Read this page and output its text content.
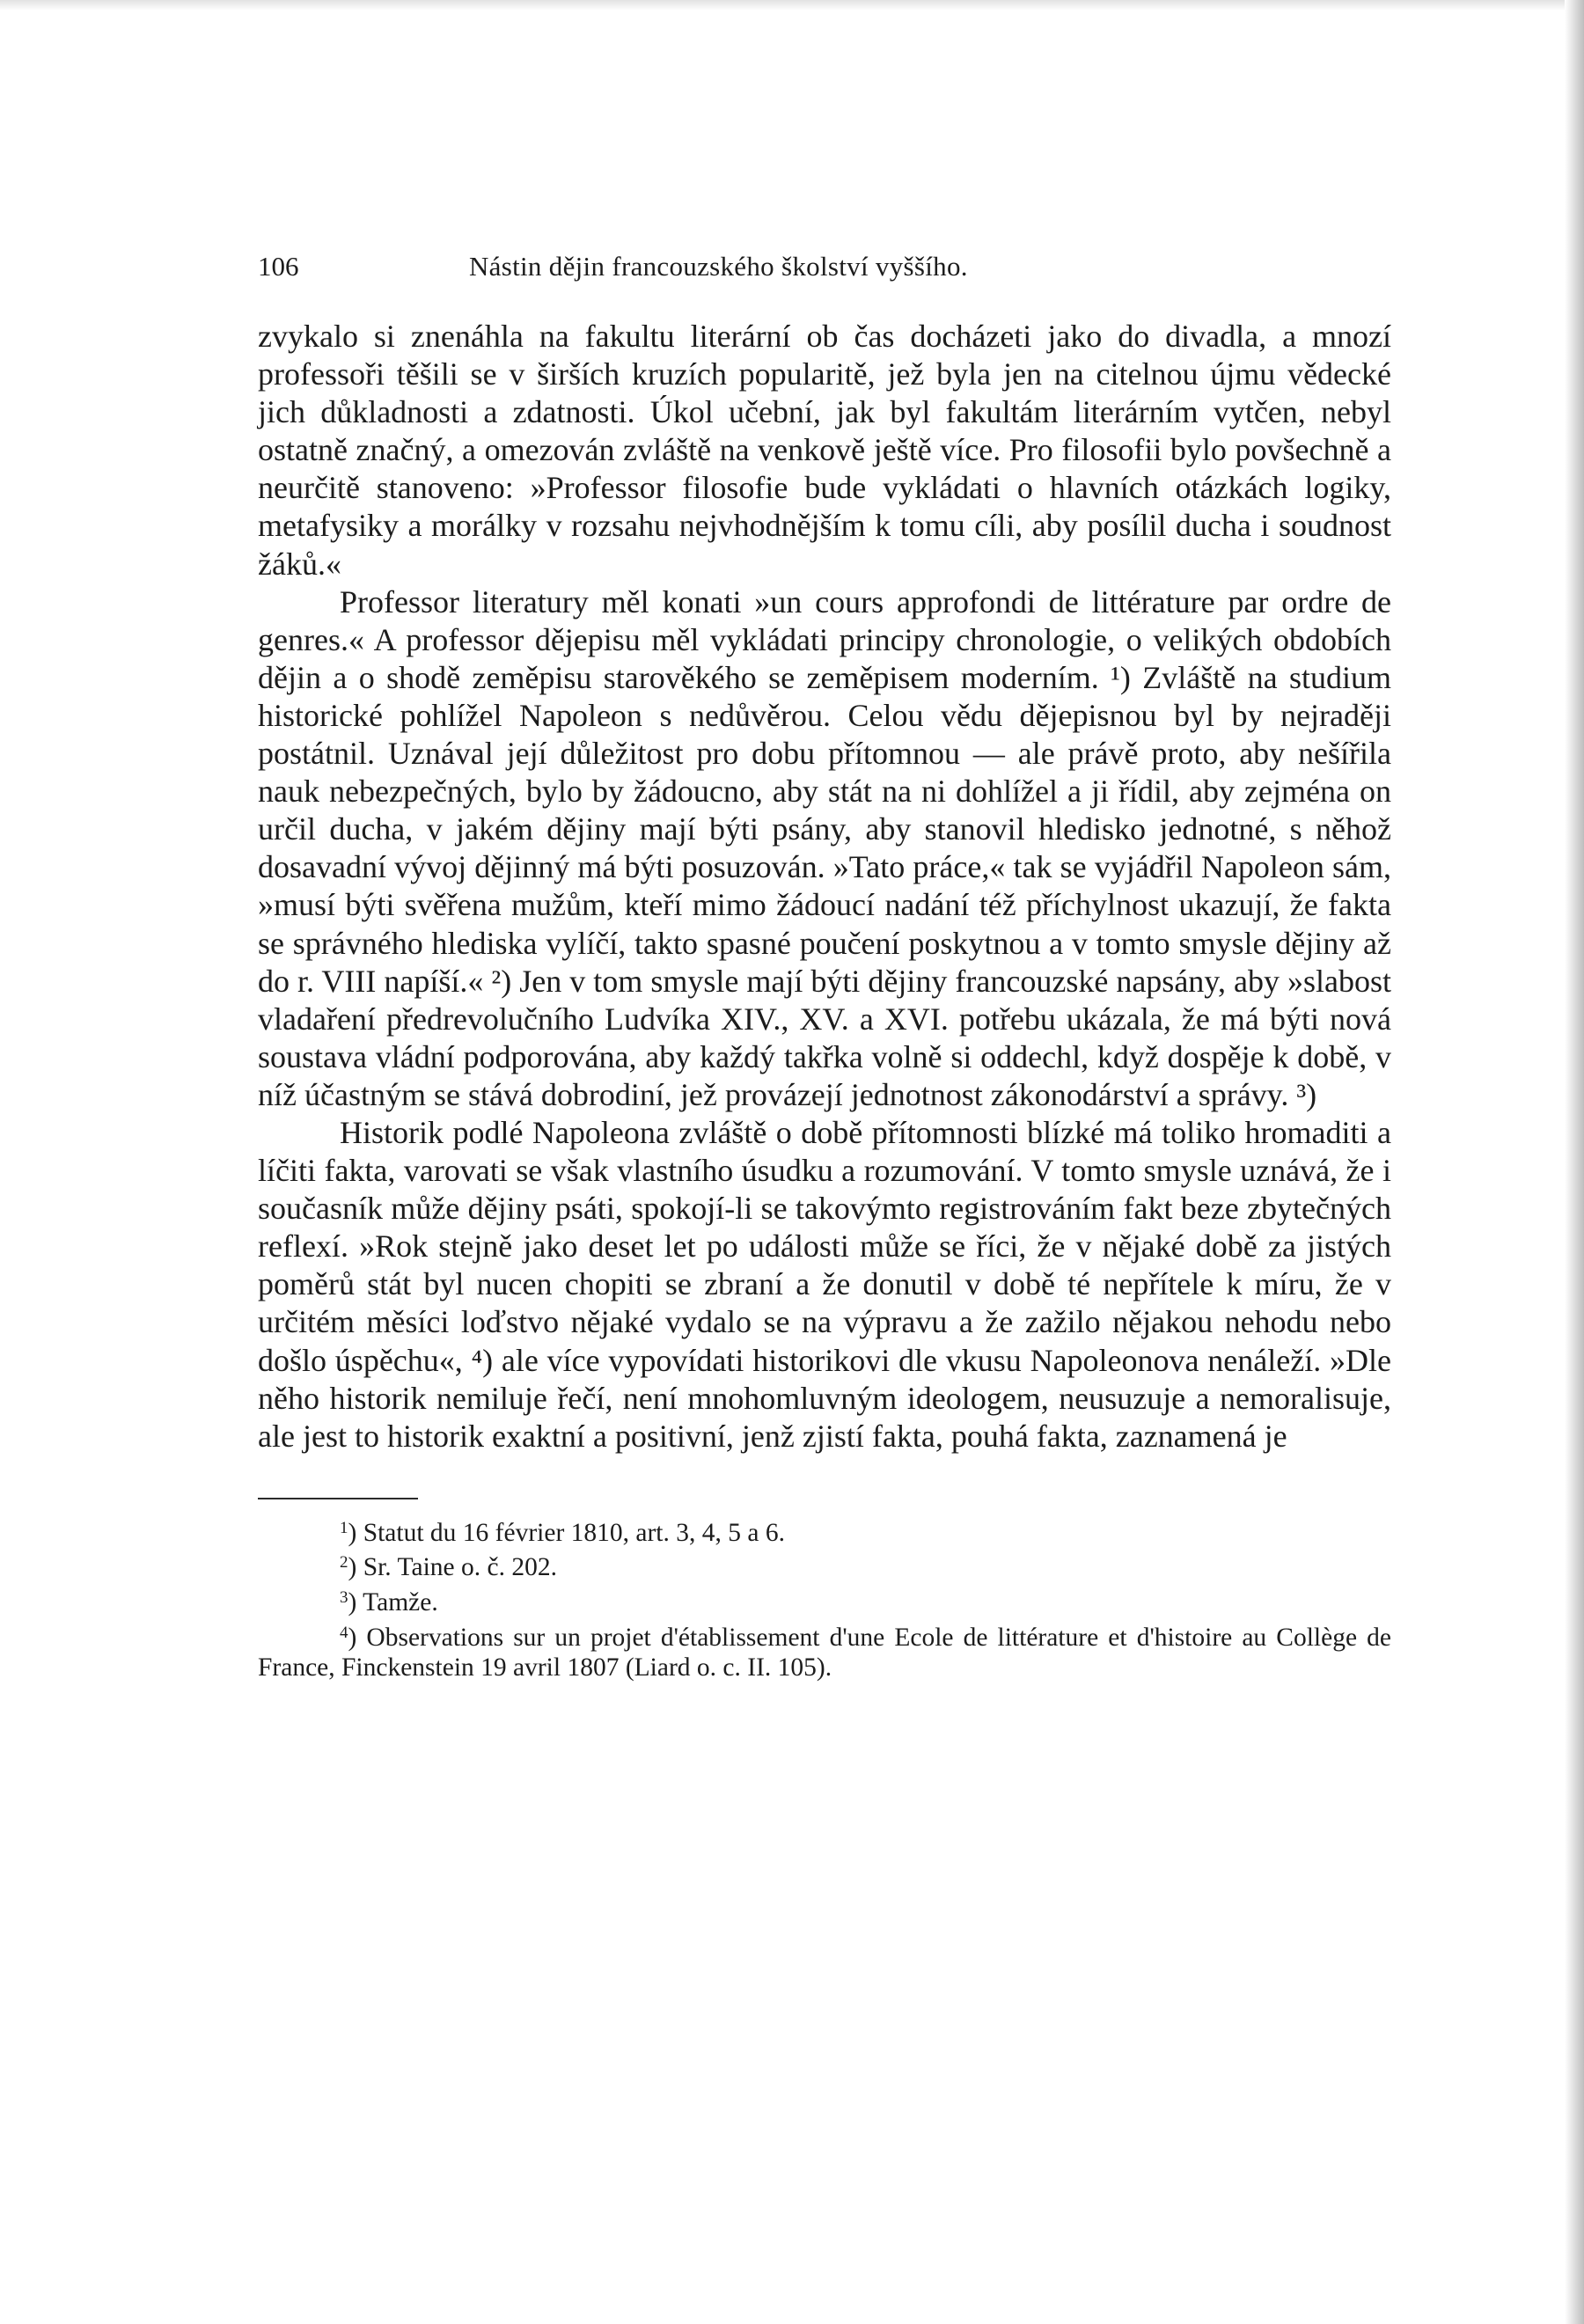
106	Nástin dějin francouzského školství vyššího.

zvykalo si znenáhla na fakultu literární ob čas docházeti jako do divadla, a mnozí professoři těšili se v širších kruzích popularitě, jež byla jen na citelnou újmu vědecké jich důkladnosti a zdatnosti. Úkol učební, jak byl fakultám literárním vytčen, nebyl ostatně značný, a omezován zvláště na venkově ještě více. Pro filosofii bylo povšechně a neurčitě stanoveno: »Professor filosofie bude vykládati o hlavních otázkách logiky, metafysiky a morálky v rozsahu nejvhodnějším k tomu cíli, aby posílil ducha i soudnost žáků.«

Professor literatury měl konati »un cours approfondi de littérature par ordre de genres.« A professor dějepisu měl vykládati principy chronologie, o velikých obdobích dějin a o shodě zeměpisu starověkého se zeměpisem moderním. ¹) Zvláště na studium historické pohlížel Napoleon s nedůvěrou. Celou vědu dějepisnou byl by nejraději postátnil. Uznával její důležitost pro dobu přítomnou — ale právě proto, aby nešířila nauk nebezpečných, bylo by žádoucno, aby stát na ni dohlížel a ji řídil, aby zejména on určil ducha, v jakém dějiny mají býti psány, aby stanovil hledisko jednotné, s něhož dosavadní vývoj dějinný má býti posuzován. »Tato práce,« tak se vyjádřil Napoleon sám, »musí býti svěřena mužům, kteří mimo žádoucí nadání též příchylnost ukazují, že fakta se správného hlediska vylíčí, takto spasné poučení poskytnou a v tomto smysle dějiny až do r. VIII napíší.« ²) Jen v tom smysle mají býti dějiny francouzské napsány, aby »slabost vladaření předrevolučního Ludvíka XIV., XV. a XVI. potřebu ukázala, že má býti nová soustava vládní podporována, aby každý takřka volně si oddechl, když dospěje k době, v níž účastným se stává dobrodiní, jež provázejí jednotnost zákonodárství a správy. ³)

Historik podlé Napoleona zvláště o době přítomnosti blízké má toliko hromaditi a líčiti fakta, varovati se však vlastního úsudku a rozumování. V tomto smysle uznává, že i současník může dějiny psáti, spokojí-li se takovýmto registrováním fakt beze zbytečných reflexí. »Rok stejně jako deset let po události může se říci, že v nějaké době za jistých poměrů stát byl nucen chopiti se zbraní a že donutil v době té nepřítele k míru, že v určitém měsíci loďstvo nějaké vydalo se na výpravu a že zažilo nějakou nehodu nebo došlo úspěchu«, ⁴) ale více vypovídati historikovi dle vkusu Napoleonova nenáleží. »Dle něho historik nemiluje řečí, není mnohomluvným ideologem, neusuzuje a nemoralisuje, ale jest to historik exaktní a positivní, jenž zjistí fakta, pouhá fakta, zaznamená je

$^1$) Statut du 16 février 1810, art. 3, 4, 5 a 6.

$^2$) Sr. Taine o. č. 202.

$^3$) Tamže.

$^4$) Observations sur un projet d'établissement d'une Ecole de littérature et d'histoire au Collège de France, Finckenstein 19 avril 1807 (Liard o. c. II. 105).
